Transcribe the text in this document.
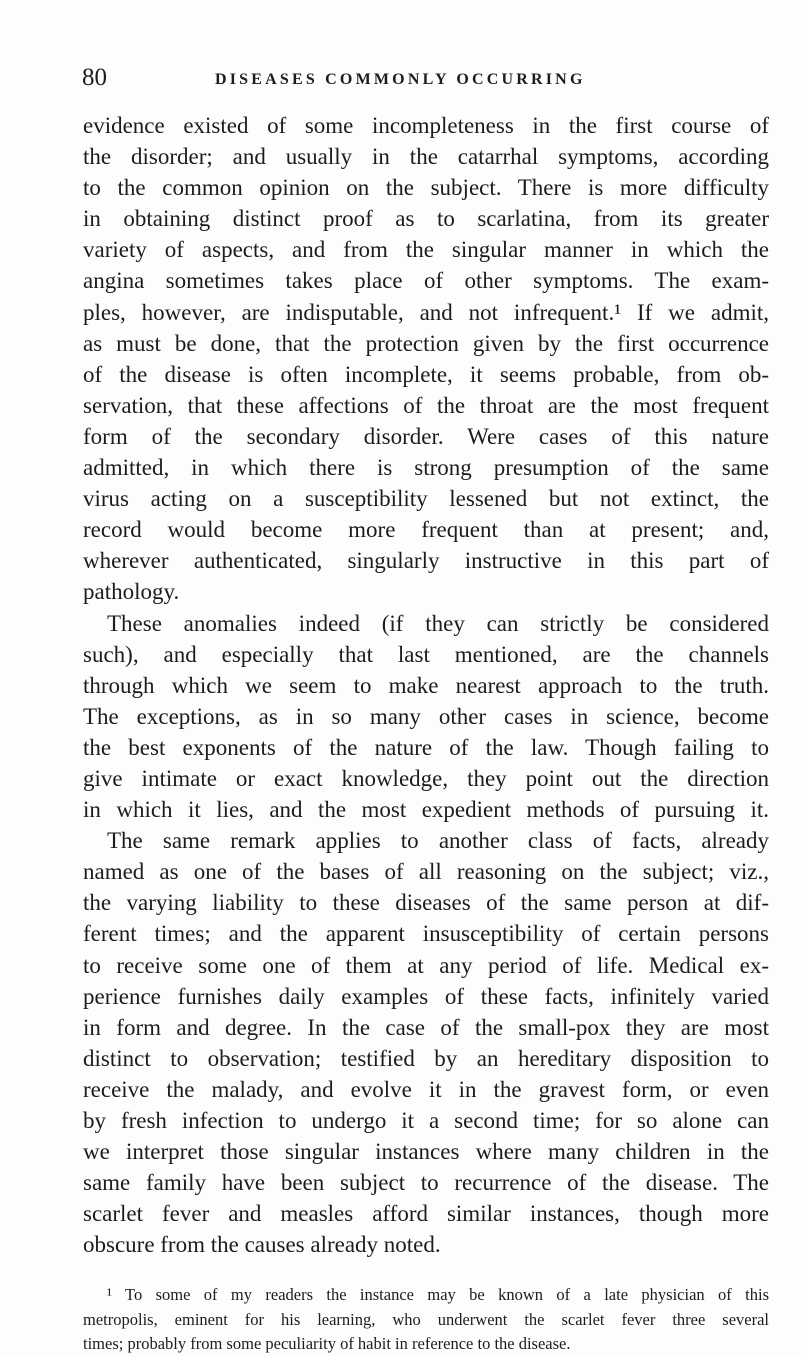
80	DISEASES COMMONLY OCCURRING
evidence existed of some incompleteness in the first course of
the disorder; and usually in the catarrhal symptoms, according
to the common opinion on the subject. There is more difficulty
in obtaining distinct proof as to scarlatina, from its greater
variety of aspects, and from the singular manner in which the
angina sometimes takes place of other symptoms. The exam-
ples, however, are indisputable, and not infrequent.¹ If we admit,
as must be done, that the protection given by the first occurrence
of the disease is often incomplete, it seems probable, from ob-
servation, that these affections of the throat are the most frequent
form of the secondary disorder. Were cases of this nature
admitted, in which there is strong presumption of the same
virus acting on a susceptibility lessened but not extinct, the
record would become more frequent than at present; and,
wherever authenticated, singularly instructive in this part of
pathology.
These anomalies indeed (if they can strictly be considered
such), and especially that last mentioned, are the channels
through which we seem to make nearest approach to the truth.
The exceptions, as in so many other cases in science, become
the best exponents of the nature of the law. Though failing to
give intimate or exact knowledge, they point out the direction
in which it lies, and the most expedient methods of pursuing it.
The same remark applies to another class of facts, already
named as one of the bases of all reasoning on the subject; viz.,
the varying liability to these diseases of the same person at dif-
ferent times; and the apparent insusceptibility of certain persons
to receive some one of them at any period of life. Medical ex-
perience furnishes daily examples of these facts, infinitely varied
in form and degree. In the case of the small-pox they are most
distinct to observation; testified by an hereditary disposition to
receive the malady, and evolve it in the gravest form, or even
by fresh infection to undergo it a second time; for so alone can
we interpret those singular instances where many children in the
same family have been subject to recurrence of the disease. The
scarlet fever and measles afford similar instances, though more
obscure from the causes already noted.
¹ To some of my readers the instance may be known of a late physician of this
metropolis, eminent for his learning, who underwent the scarlet fever three several
times; probably from some peculiarity of habit in reference to the disease.
